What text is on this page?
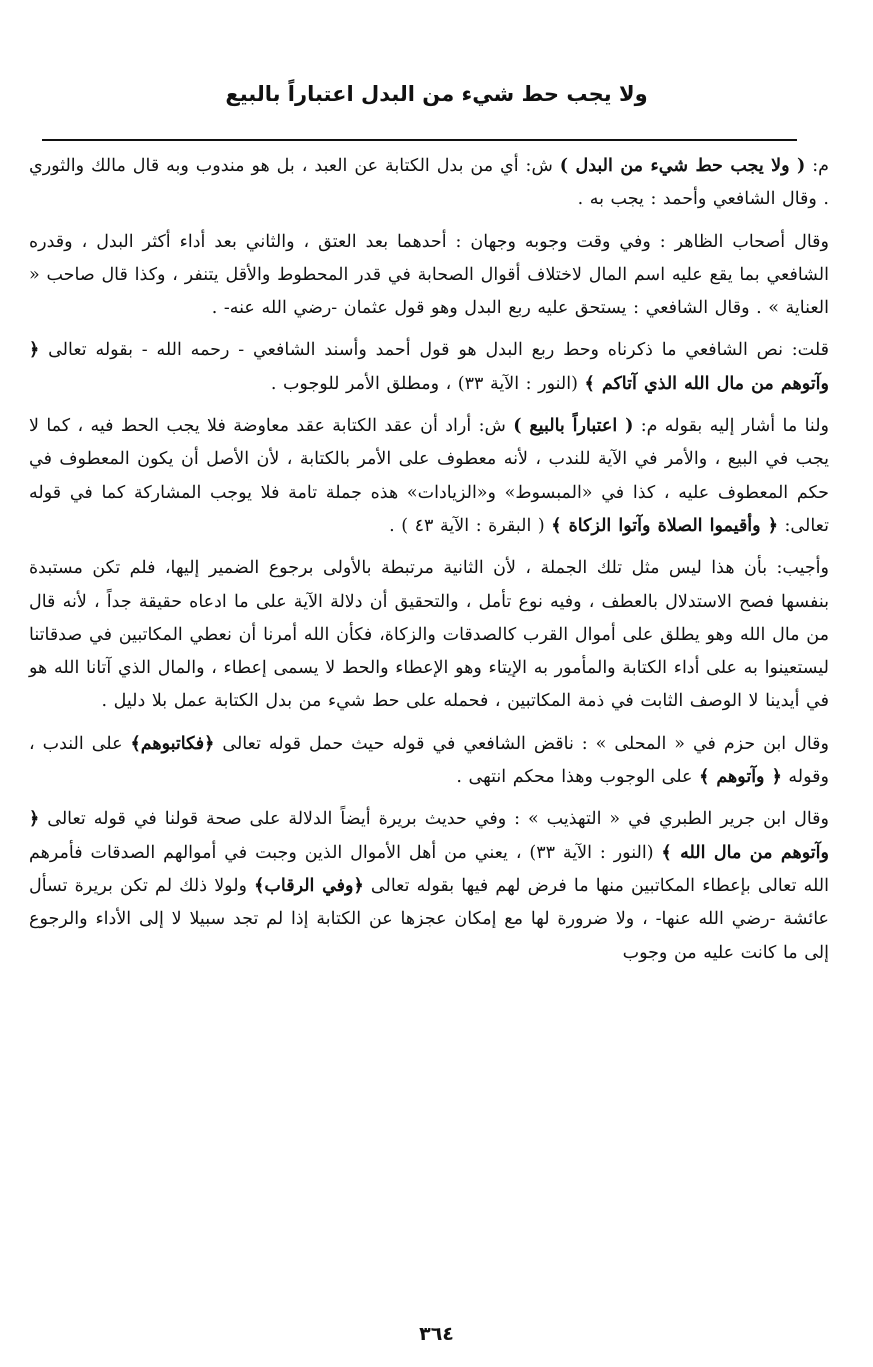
ولا يجب حط شيء من البدل اعتباراً بالبيع

م: ( ولا يجب حط شيء من البدل ) ش: أي من بدل الكتابة عن العبد ، بل هو مندوب وبه قال مالك والثوري . وقال الشافعي وأحمد : يجب به .

وقال أصحاب الظاهر : وفي وقت وجوبه وجهان : أحدهما بعد العتق ، والثاني بعد أداء أكثر البدل ، وقدره الشافعي بما يقع عليه اسم المال لاختلاف أقوال الصحابة في قدر المحطوط والأقل يتنفر ، وكذا قال صاحب « العناية » . وقال الشافعي : يستحق عليه ربع البدل وهو قول عثمان -رضي الله عنه- .

قلت: نص الشافعي ما ذكرناه وحط ربع البدل هو قول أحمد وأسند الشافعي - رحمه الله - بقوله تعالى ﴿ وآتوهم من مال الله الذي آتاكم ﴾ (النور : الآية ٣٣) ، ومطلق الأمر للوجوب .

ولنا ما أشار إليه بقوله م: ( اعتباراً بالبيع ) ش: أراد أن عقد الكتابة عقد معاوضة فلا يجب الحط فيه ، كما لا يجب في البيع ، والأمر في الآية للندب ، لأنه معطوف على الأمر بالكتابة ، لأن الأصل أن يكون المعطوف في حكم المعطوف عليه ، كذا في «المبسوط» و«الزيادات» هذه جملة تامة فلا يوجب المشاركة كما في قوله تعالى: ﴿ وأقيموا الصلاة وآتوا الزكاة ﴾ ( البقرة : الآية ٤٣ ) .

وأجيب: بأن هذا ليس مثل تلك الجملة ، لأن الثانية مرتبطة بالأولى برجوع الضمير إليها، فلم تكن مستبدة بنفسها فصح الاستدلال بالعطف ، وفيه نوع تأمل ، والتحقيق أن دلالة الآية على ما ادعاه حقيقة جداً ، لأنه قال من مال الله وهو يطلق على أموال القرب كالصدقات والزكاة، فكأن الله أمرنا أن نعطي المكاتبين في صدقاتنا ليستعينوا به على أداء الكتابة والمأمور به الإيتاء وهو الإعطاء والحط لا يسمى إعطاء ، والمال الذي آتانا الله هو في أيدينا لا الوصف الثابت في ذمة المكاتبين ، فحمله على حط شيء من بدل الكتابة عمل بلا دليل .

وقال ابن حزم في « المحلى » : ناقض الشافعي في قوله حيث حمل قوله تعالى ﴿فكاتبوهم﴾ على الندب ، وقوله ﴿ وآتوهم ﴾ على الوجوب وهذا محكم انتهى .

وقال ابن جرير الطبري في « التهذيب » : وفي حديث بريرة أيضاً الدلالة على صحة قولنا في قوله تعالى ﴿ وآتوهم من مال الله ﴾ (النور : الآية ٣٣) ، يعني من أهل الأموال الذين وجبت في أموالهم الصدقات فأمرهم الله تعالى بإعطاء المكاتبين منها ما فرض لهم فيها بقوله تعالى ﴿وفي الرقاب﴾ ولولا ذلك لم تكن بريرة تسأل عائشة -رضي الله عنها- ، ولا ضرورة لها مع إمكان عجزها عن الكتابة إذا لم تجد سبيلا لا إلى الأداء والرجوع إلى ما كانت عليه من وجوب

٣٦٤
